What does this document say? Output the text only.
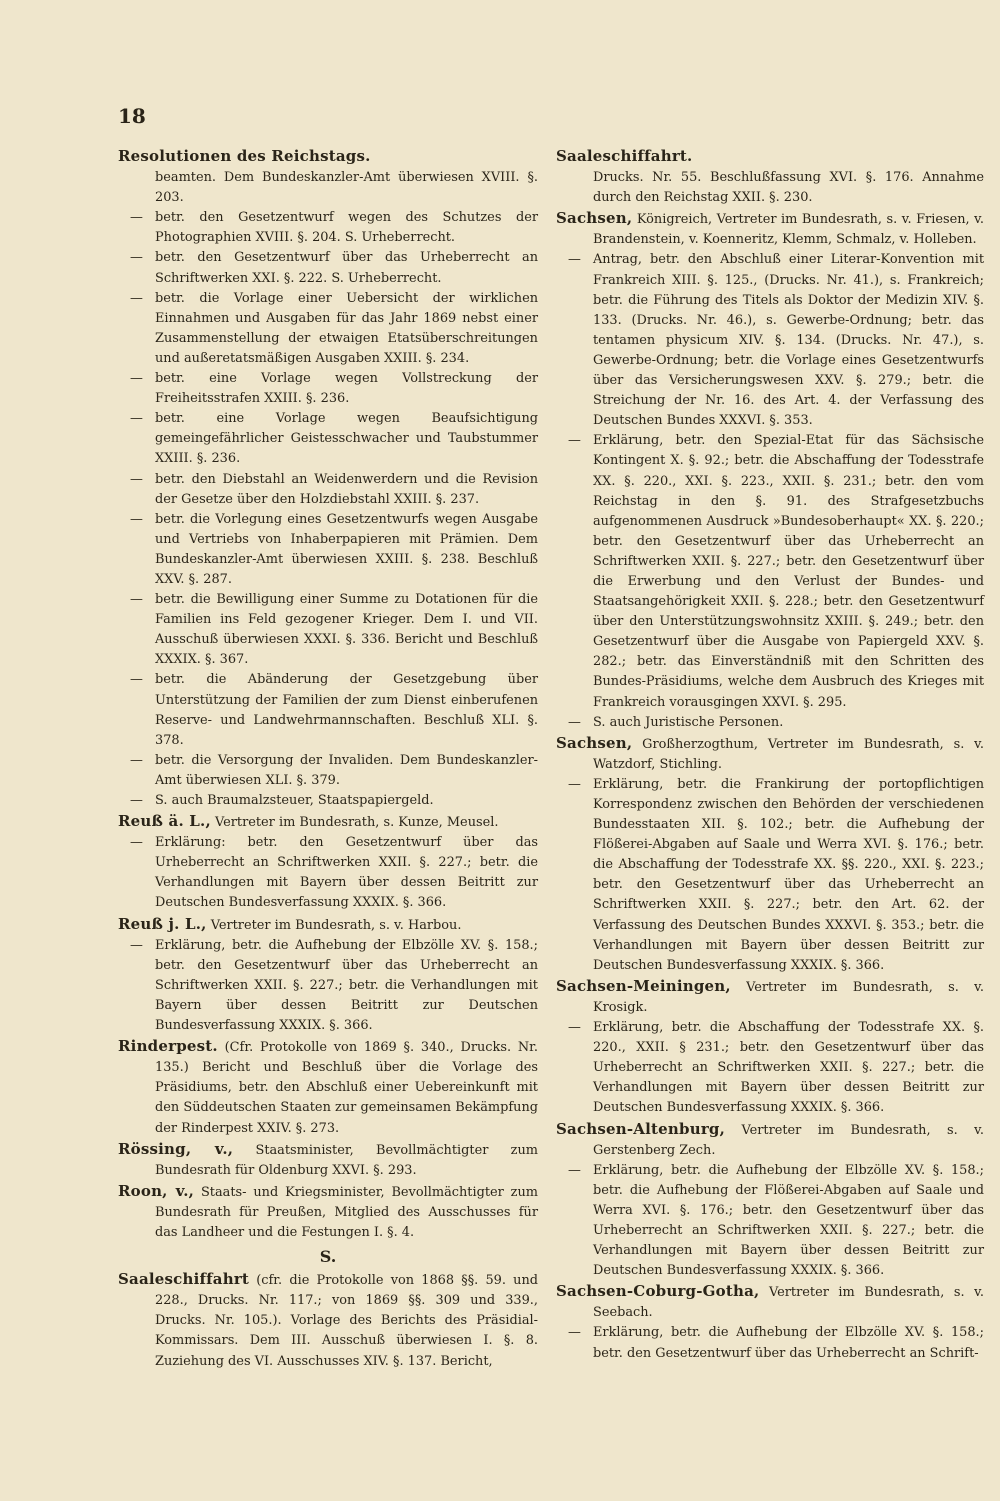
18

Resolutionen des Reichstags.

beamten. Dem Bundeskanzler-Amt überwiesen XVIII. §. 203.

— betr. den Gesetzentwurf wegen des Schutzes der Photographien XVIII. §. 204. S. Urheberrecht.

— betr. den Gesetzentwurf über das Urheberrecht an Schriftwerken XXI. §. 222. S. Urheberrecht.

— betr. die Vorlage einer Uebersicht der wirklichen Einnahmen und Ausgaben für das Jahr 1869 nebst einer Zusammenstellung der etwaigen Etatsüberschreitungen und außeretatsmäßigen Ausgaben XXIII. §. 234.

— betr. eine Vorlage wegen Vollstreckung der Freiheitsstrafen XXIII. §. 236.

— betr. eine Vorlage wegen Beaufsichtigung gemeingefährlicher Geistesschwacher und Taubstummer XXIII. §. 236.

— betr. den Diebstahl an Weidenwerdern und die Revision der Gesetze über den Holzdiebstahl XXIII. §. 237.

— betr. die Vorlegung eines Gesetzentwurfs wegen Ausgabe und Vertriebs von Inhaberpapieren mit Prämien. Dem Bundeskanzler-Amt überwiesen XXIII. §. 238. Beschluß XXV. §. 287.

— betr. die Bewilligung einer Summe zu Dotationen für die Familien ins Feld gezogener Krieger. Dem I. und VII. Ausschuß überwiesen XXXI. §. 336. Bericht und Beschluß XXXIX. §. 367.

— betr. die Abänderung der Gesetzgebung über Unterstützung der Familien der zum Dienst einberufenen Reserve- und Landwehrmannschaften. Beschluß XLI. §. 378.

— betr. die Versorgung der Invaliden. Dem Bundeskanzler-Amt überwiesen XLI. §. 379.

— S. auch Braumalzsteuer, Staatspapiergeld.

Reuß ä. L., Vertreter im Bundesrath, s. Kunze, Meusel.

— Erklärung: betr. den Gesetzentwurf über das Urheberrecht an Schriftwerken XXII. §. 227.; betr. die Verhandlungen mit Bayern über dessen Beitritt zur Deutschen Bundesverfassung XXXIX. §. 366.

Reuß j. L., Vertreter im Bundesrath, s. v. Harbou.

— Erklärung, betr. die Aufhebung der Elbzölle XV. §. 158.; betr. den Gesetzentwurf über das Urheberrecht an Schriftwerken XXII. §. 227.; betr. die Verhandlungen mit Bayern über dessen Beitritt zur Deutschen Bundesverfassung XXXIX. §. 366.

Rinderpest. (Cfr. Protokolle von 1869 §. 340., Drucks. Nr. 135.) Bericht und Beschluß über die Vorlage des Präsidiums, betr. den Abschluß einer Uebereinkunft mit den Süddeutschen Staaten zur gemeinsamen Bekämpfung der Rinderpest XXIV. §. 273.

Rössing, v., Staatsminister, Bevollmächtigter zum Bundesrath für Oldenburg XXVI. §. 293.

Roon, v., Staats- und Kriegsminister, Bevollmächtigter zum Bundesrath für Preußen, Mitglied des Ausschusses für das Landheer und die Festungen I. §. 4.

S.

Saaleschiffahrt (cfr. die Protokolle von 1868 §§. 59. und 228., Drucks. Nr. 117.; von 1869 §§. 309 und 339., Drucks. Nr. 105.). Vorlage des Berichts des Präsidial-Kommissars. Dem III. Ausschuß überwiesen I. §. 8. Zuziehung des VI. Ausschusses XIV. §. 137. Bericht,

Saaleschiffahrt.

Drucks. Nr. 55. Beschlußfassung XVI. §. 176. Annahme durch den Reichstag XXII. §. 230.

Sachsen, Königreich, Vertreter im Bundesrath, s. v. Friesen, v. Brandenstein, v. Koenneritz, Klemm, Schmalz, v. Holleben.

— Antrag, betr. den Abschluß einer Literar-Konvention mit Frankreich XIII. §. 125., (Drucks. Nr. 41.), s. Frankreich; betr. die Führung des Titels als Doktor der Medizin XIV. §. 133. (Drucks. Nr. 46.), s. Gewerbe-Ordnung; betr. das tentamen physicum XIV. §. 134. (Drucks. Nr. 47.), s. Gewerbe-Ordnung; betr. die Vorlage eines Gesetzentwurfs über das Versicherungswesen XXV. §. 279.; betr. die Streichung der Nr. 16. des Art. 4. der Verfassung des Deutschen Bundes XXXVI. §. 353.

— Erklärung, betr. den Spezial-Etat für das Sächsische Kontingent X. §. 92.; betr. die Abschaffung der Todesstrafe XX. §. 220., XXI. §. 223., XXII. §. 231.; betr. den vom Reichstag in den §. 91. des Strafgesetzbuchs aufgenommenen Ausdruck »Bundesoberhaupt« XX. §. 220.; betr. den Gesetzentwurf über das Urheberrecht an Schriftwerken XXII. §. 227.; betr. den Gesetzentwurf über die Erwerbung und den Verlust der Bundes- und Staatsangehörigkeit XXII. §. 228.; betr. den Gesetzentwurf über den Unterstützungswohnsitz XXIII. §. 249.; betr. den Gesetzentwurf über die Ausgabe von Papiergeld XXV. §. 282.; betr. das Einverständniß mit den Schritten des Bundes-Präsidiums, welche dem Ausbruch des Krieges mit Frankreich vorausgingen XXVI. §. 295.

— S. auch Juristische Personen.

Sachsen, Großherzogthum, Vertreter im Bundesrath, s. v. Watzdorf, Stichling.

— Erklärung, betr. die Frankirung der portopflichtigen Korrespondenz zwischen den Behörden der verschiedenen Bundesstaaten XII. §. 102.; betr. die Aufhebung der Flößerei-Abgaben auf Saale und Werra XVI. §. 176.; betr. die Abschaffung der Todesstrafe XX. §§. 220., XXI. §. 223.; betr. den Gesetzentwurf über das Urheberrecht an Schriftwerken XXII. §. 227.; betr. den Art. 62. der Verfassung des Deutschen Bundes XXXVI. §. 353.; betr. die Verhandlungen mit Bayern über dessen Beitritt zur Deutschen Bundesverfassung XXXIX. §. 366.

Sachsen-Meiningen, Vertreter im Bundesrath, s. v. Krosigk.

— Erklärung, betr. die Abschaffung der Todesstrafe XX. §. 220., XXII. § 231.; betr. den Gesetzentwurf über das Urheberrecht an Schriftwerken XXII. §. 227.; betr. die Verhandlungen mit Bayern über dessen Beitritt zur Deutschen Bundesverfassung XXXIX. §. 366.

Sachsen-Altenburg, Vertreter im Bundesrath, s. v. Gerstenberg Zech.

— Erklärung, betr. die Aufhebung der Elbzölle XV. §. 158.; betr. die Aufhebung der Flößerei-Abgaben auf Saale und Werra XVI. §. 176.; betr. den Gesetzentwurf über das Urheberrecht an Schriftwerken XXII. §. 227.; betr. die Verhandlungen mit Bayern über dessen Beitritt zur Deutschen Bundesverfassung XXXIX. §. 366.

Sachsen-Coburg-Gotha, Vertreter im Bundesrath, s. v. Seebach.

— Erklärung, betr. die Aufhebung der Elbzölle XV. §. 158.; betr. den Gesetzentwurf über das Urheberrecht an Schrift-
